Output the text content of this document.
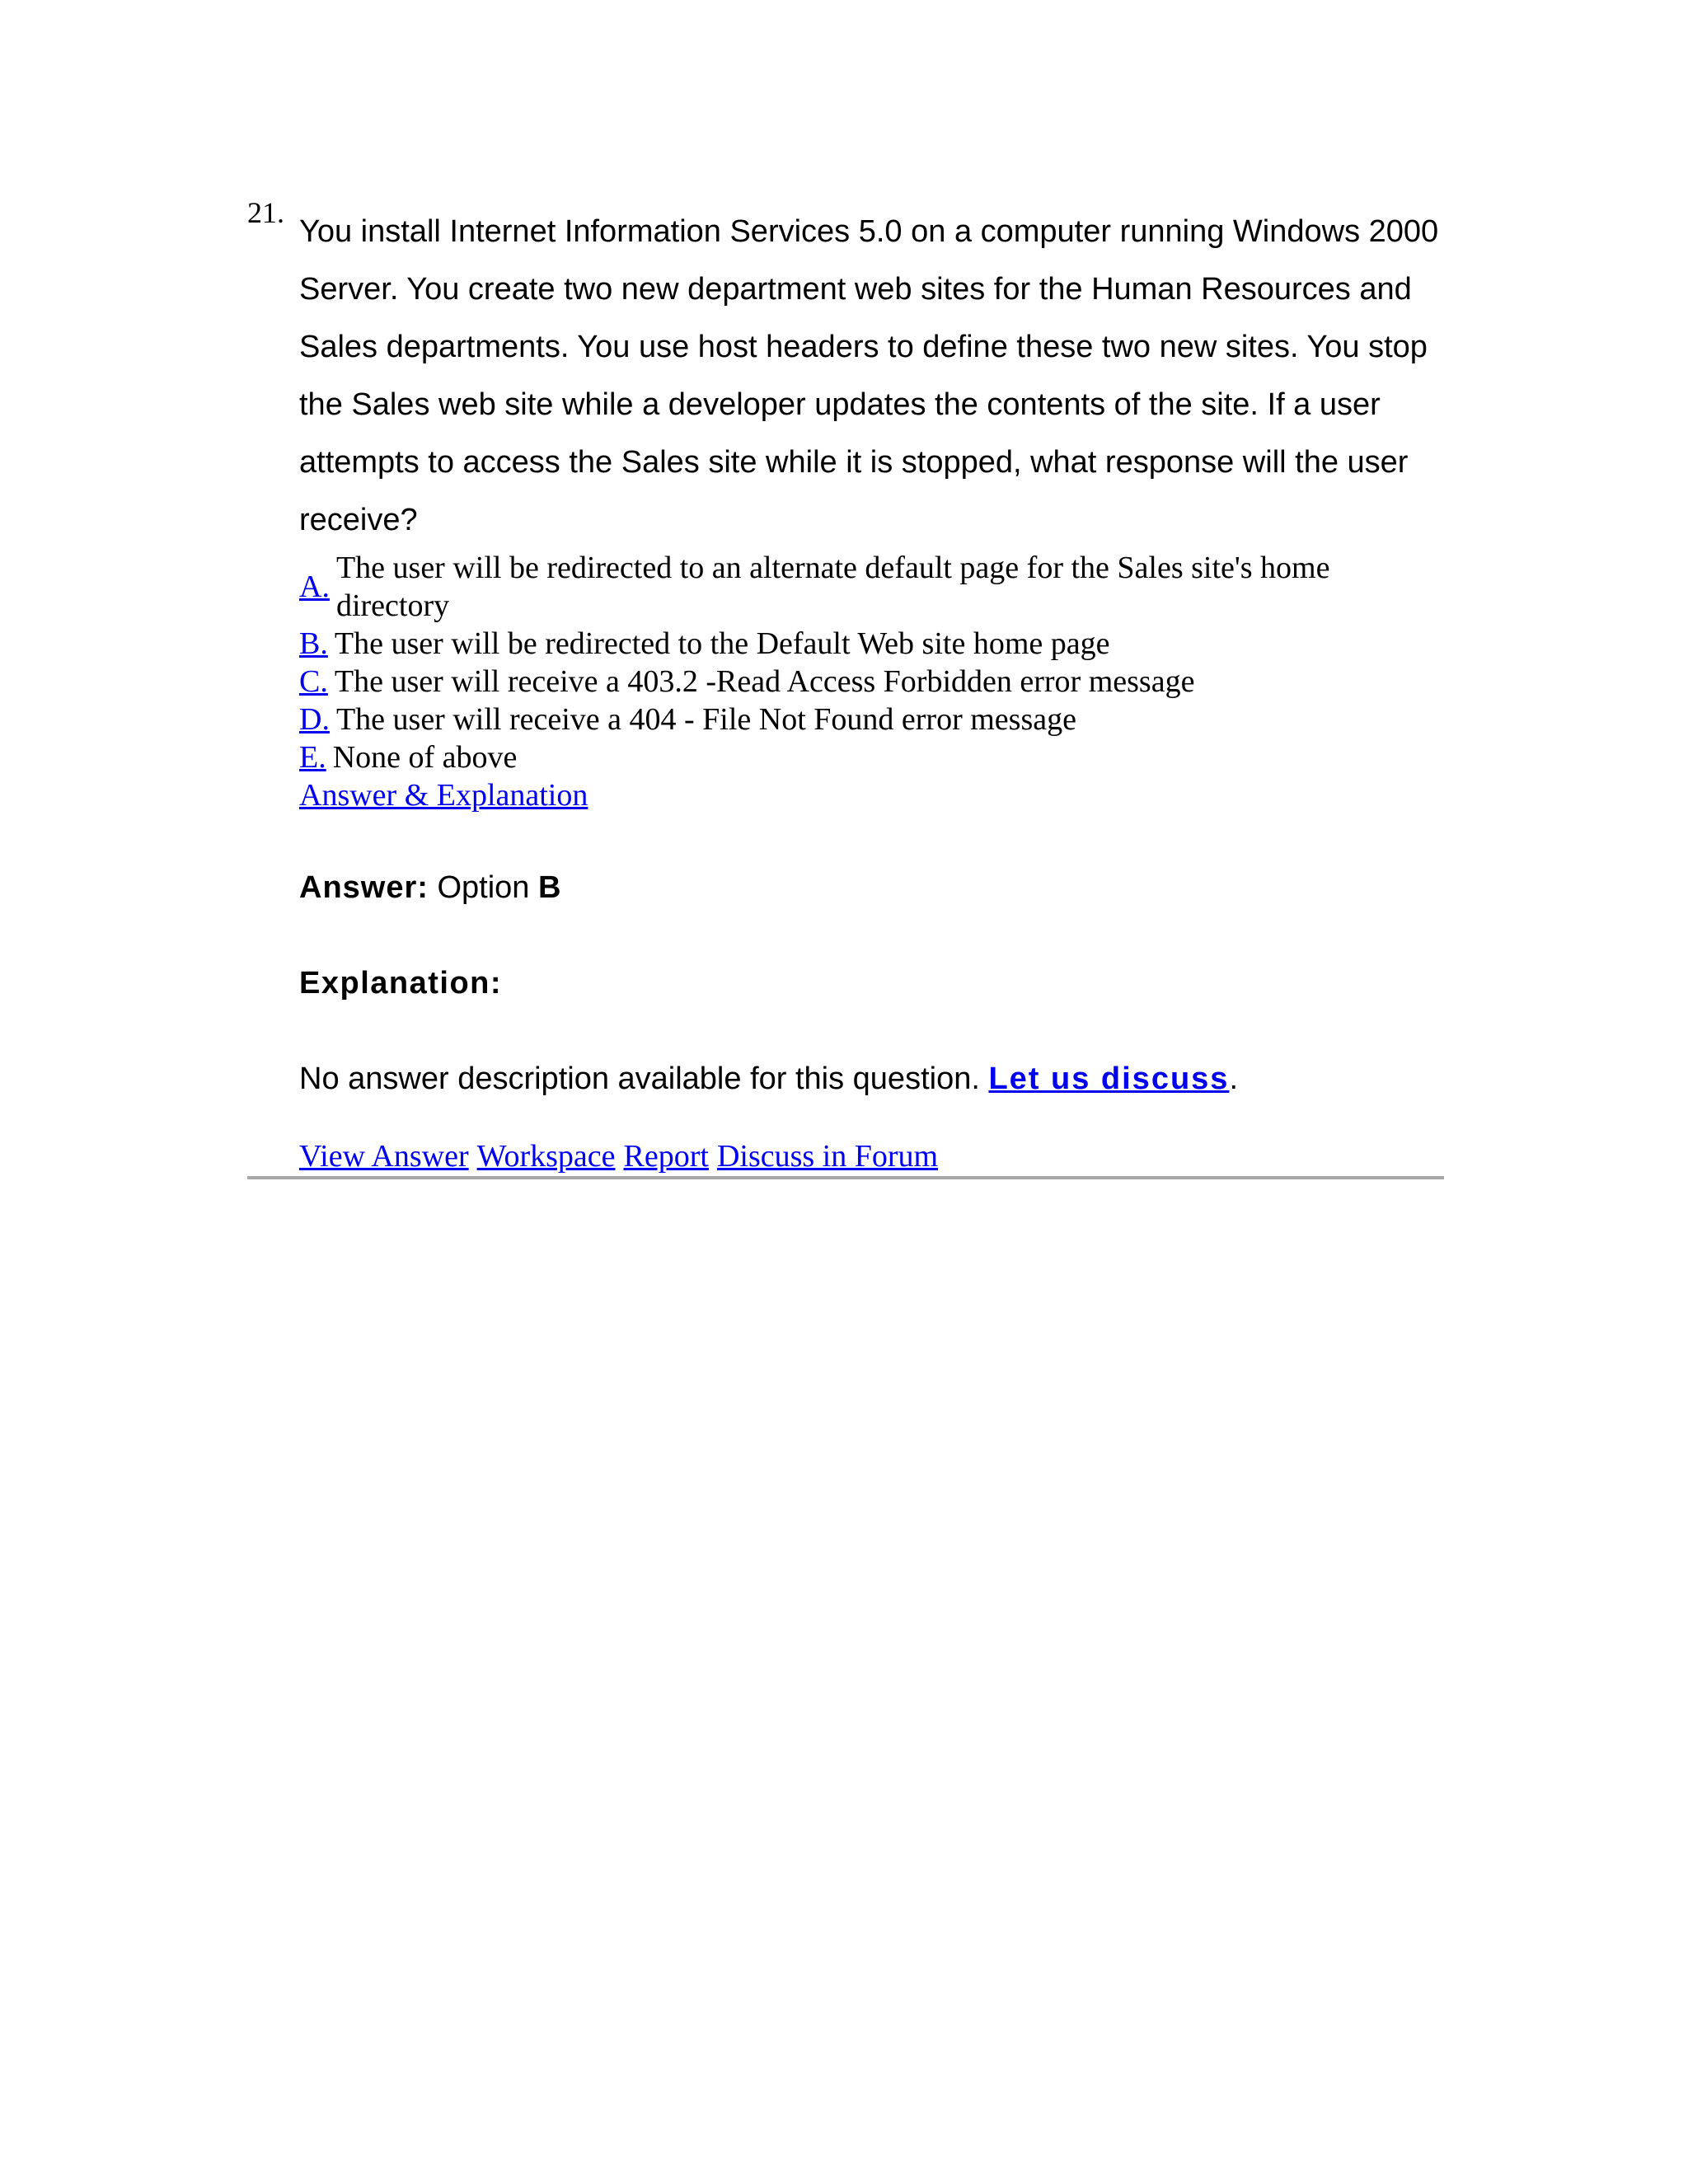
21.

You install Internet Information Services 5.0 on a computer running Windows 2000 Server. You create two new department web sites for the Human Resources and Sales departments. You use host headers to define these two new sites. You stop the Sales web site while a developer updates the contents of the site. If a user attempts to access the Sales site while it is stopped, what response will the user receive?

A.
The user will be redirected to an alternate default page for the Sales site's home directory
B. The user will be redirected to the Default Web site home page
C. The user will receive a 403.2 -Read Access Forbidden error message
D. The user will receive a 404 - File Not Found error message
E. None of above
Answer & Explanation
Answer: Option B
Explanation:
No answer description available for this question. Let us discuss.
View Answer Workspace Report Discuss in Forum
